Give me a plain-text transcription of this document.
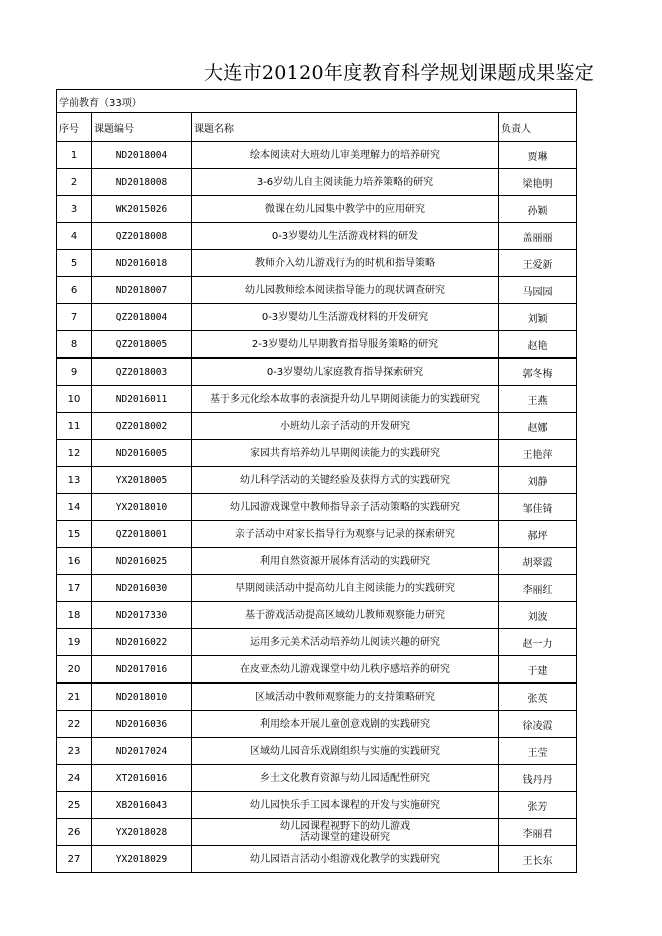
大连市20120年度教育科学规划课题成果鉴定
学前教育（33项）			
序号	课题编号	课题名称	负责人
1	ND2018004	绘本阅读对大班幼儿审美理解力的培养研究	贾琳
2	ND2018008	3-6岁幼儿自主阅读能力培养策略的研究	梁艳明
3	WK2015026	微课在幼儿园集中教学中的应用研究	孙颖
4	QZ2018008	0-3岁婴幼儿生活游戏材料的研发	盖丽丽
5	ND2016018	教师介入幼儿游戏行为的时机和指导策略	王爱新
6	ND2018007	幼儿园教师绘本阅读指导能力的现状调查研究	马园园
7	QZ2018004	0-3岁婴幼儿生活游戏材料的开发研究	刘颖
8	QZ2018005	2-3岁婴幼儿早期教育指导服务策略的研究	赵艳
9	QZ2018003	0-3岁婴幼儿家庭教育指导探索研究	郭冬梅
10	ND2016011	基于多元化绘本故事的表演提升幼儿早期阅读能力的实践研究	王燕
11	QZ2018002	小班幼儿亲子活动的开发研究	赵娜
12	ND2016005	家园共育培养幼儿早期阅读能力的实践研究	王艳萍
13	YX2018005	幼儿科学活动的关键经验及获得方式的实践研究	刘静
14	YX2018010	幼儿园游戏课堂中教师指导亲子活动策略的实践研究	邹佳锜
15	QZ2018001	亲子活动中对家长指导行为观察与记录的探索研究	郝坪
16	ND2016025	利用自然资源开展体育活动的实践研究	胡翠霞
17	ND2016030	早期阅读活动中提高幼儿自主阅读能力的实践研究	李丽红
18	ND2017330	基于游戏活动提高区域幼儿教师观察能力研究	刘波
19	ND2016022	运用多元美术活动培养幼儿阅读兴趣的研究	赵一力
20	ND2017016	在皮亚杰幼儿游戏课堂中幼儿秩序感培养的研究	于建
21	ND2018010	区域活动中教师观察能力的支持策略研究	张英
22	ND2016036	利用绘本开展儿童创意戏剧的实践研究	徐凌霞
23	ND2017024	区域幼儿园音乐戏剧组织与实施的实践研究	王莹
24	XT2016016	乡土文化教育资源与幼儿园适配性研究	钱丹丹
25	XB2016043	幼儿园快乐手工园本课程的开发与实施研究	张芳
26	YX2018028	幼儿园课程视野下的幼儿游戏
活动课堂的建设研究	李丽君
27	YX2018029	幼儿园语言活动小组游戏化教学的实践研究	王长东
